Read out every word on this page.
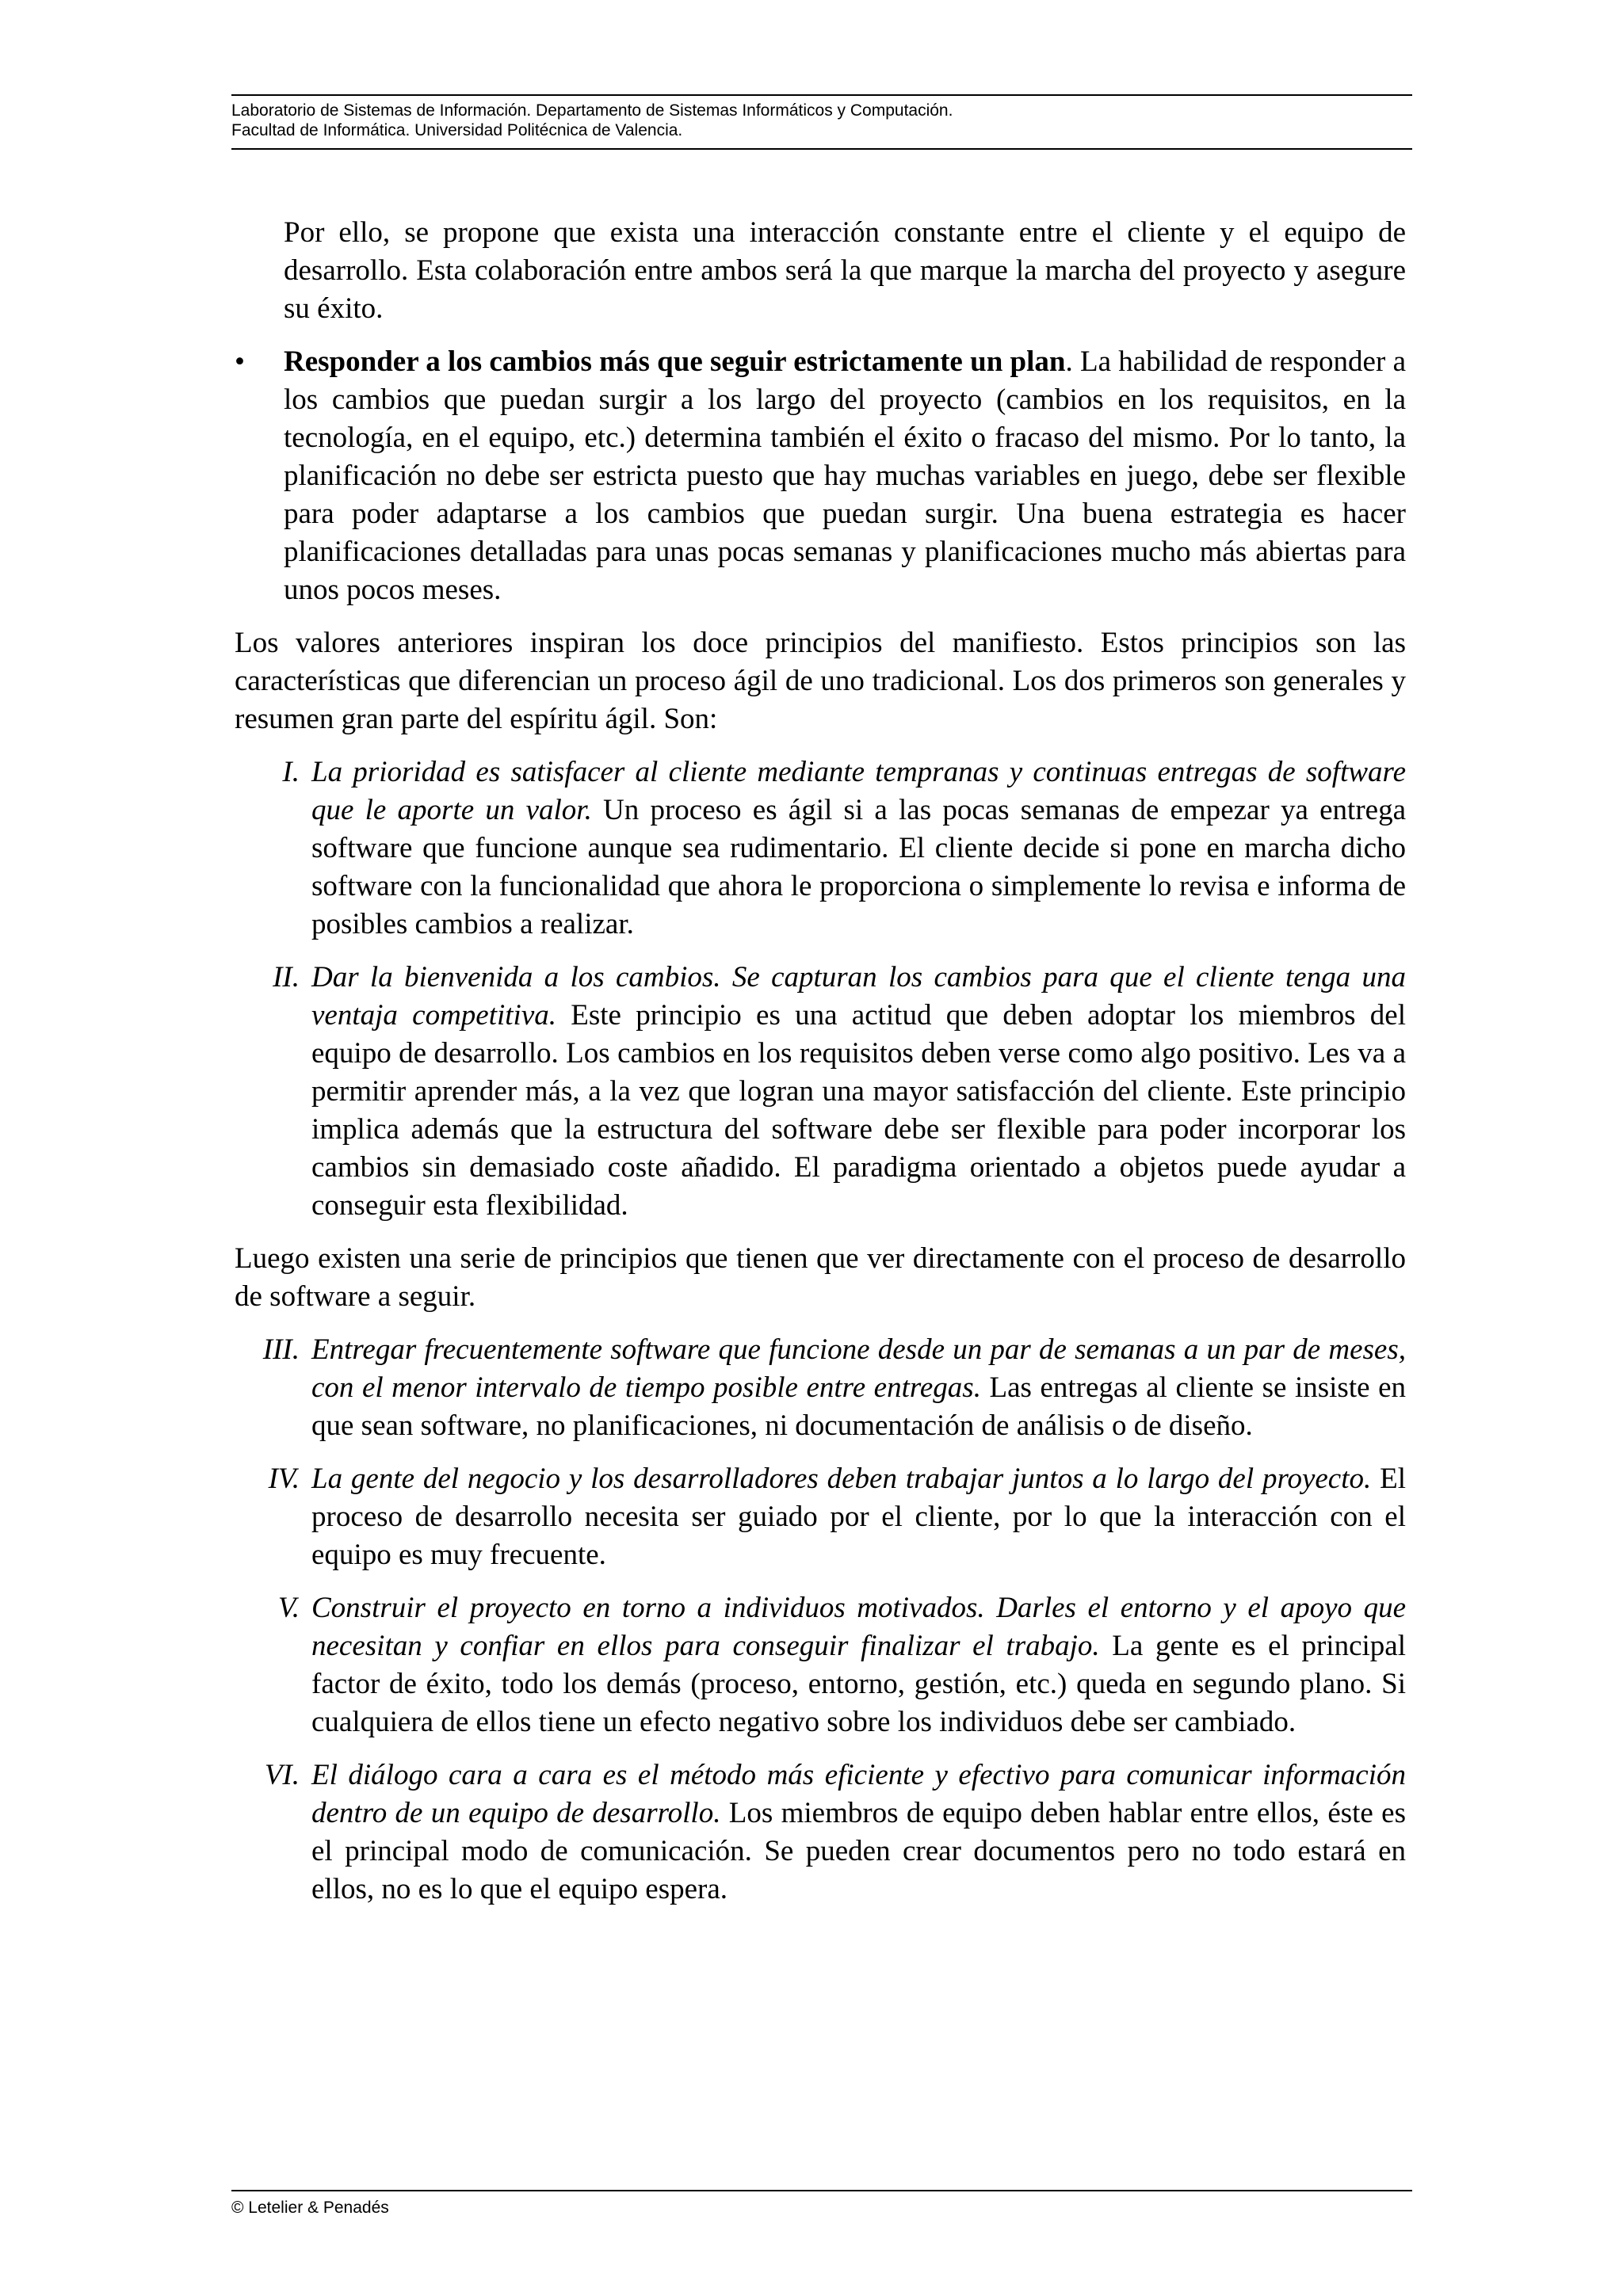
Laboratorio de Sistemas de Información. Departamento de Sistemas Informáticos y Computación.

Facultad de Informática. Universidad Politécnica de Valencia.

Por ello, se propone que exista una interacción constante entre el cliente y el equipo de desarrollo. Esta colaboración entre ambos será la que marque la marcha del proyecto y asegure su éxito.

•	Responder a los cambios más que seguir estrictamente un plan. La habilidad de responder a los cambios que puedan surgir a los largo del proyecto (cambios en los requisitos, en la tecnología, en el equipo, etc.) determina también el éxito o fracaso del mismo. Por lo tanto, la planificación no debe ser estricta puesto que hay muchas variables en juego, debe ser flexible para poder adaptarse a los cambios que puedan surgir. Una buena estrategia es hacer planificaciones detalladas para unas pocas semanas y planificaciones mucho más abiertas para unos pocos meses.

Los valores anteriores inspiran los doce principios del manifiesto. Estos principios son las características que diferencian un proceso ágil de uno tradicional. Los dos primeros son generales y resumen gran parte del espíritu ágil. Son:

I. La prioridad es satisfacer al cliente mediante tempranas y continuas entregas de software que le aporte un valor. Un proceso es ágil si a las pocas semanas de empezar ya entrega software que funcione aunque sea rudimentario. El cliente decide si pone en marcha dicho software con la funcionalidad que ahora le proporciona o simplemente lo revisa e informa de posibles cambios a realizar.

II. Dar la bienvenida a los cambios. Se capturan los cambios para que el cliente tenga una ventaja competitiva. Este principio es una actitud que deben adoptar los miembros del equipo de desarrollo. Los cambios en los requisitos deben verse como algo positivo. Les va a permitir aprender más, a la vez que logran una mayor satisfacción del cliente. Este principio implica además que la estructura del software debe ser flexible para poder incorporar los cambios sin demasiado coste añadido. El paradigma orientado a objetos puede ayudar a conseguir esta flexibilidad.

Luego existen una serie de principios que tienen que ver directamente con el proceso de desarrollo de software a seguir.

III. Entregar frecuentemente software que funcione desde un par de semanas a un par de meses, con el menor intervalo de tiempo posible entre entregas. Las entregas al cliente se insiste en que sean software, no planificaciones, ni documentación de análisis o de diseño.

IV. La gente del negocio y los desarrolladores deben trabajar juntos a lo largo del proyecto. El proceso de desarrollo necesita ser guiado por el cliente, por lo que la interacción con el equipo es muy frecuente.

V. Construir el proyecto en torno a individuos motivados. Darles el entorno y el apoyo que necesitan y confiar en ellos para conseguir finalizar el trabajo. La gente es el principal factor de éxito, todo los demás (proceso, entorno, gestión, etc.) queda en segundo plano. Si cualquiera de ellos tiene un efecto negativo sobre los individuos debe ser cambiado.

VI. El diálogo cara a cara es el método más eficiente y efectivo para comunicar información dentro de un equipo de desarrollo. Los miembros de equipo deben hablar entre ellos, éste es el principal modo de comunicación. Se pueden crear documentos pero no todo estará en ellos, no es lo que el equipo espera.

© Letelier & Penadés
